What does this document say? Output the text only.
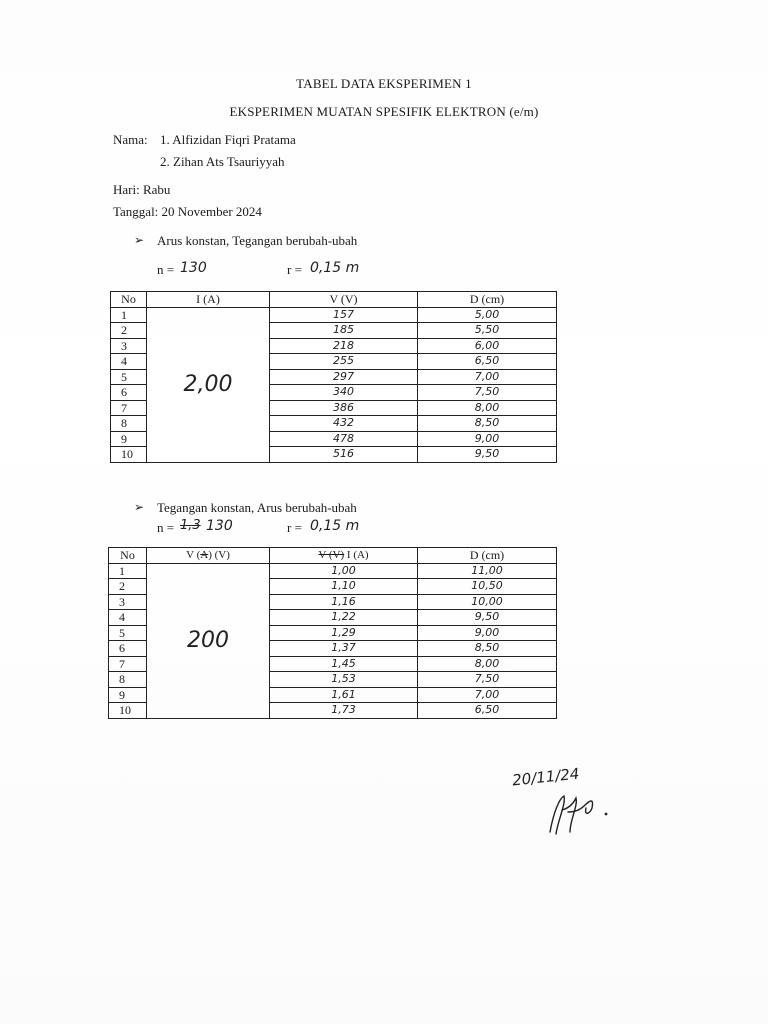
TABEL DATA EKSPERIMEN 1
EKSPERIMEN MUATAN SPESIFIK ELEKTRON (e/m)
Nama: 1. Alfizidan Fiqri Pratama
2. Zihan Ats Tsauriyyah
Hari: Rabu
Tanggal: 20 November 2024
➢ Arus konstan, Tegangan berubah-ubah
n = 130	r = 0,15 m
No	I (A)	V (V)	D (cm)
1	2,00	157	5,00
2		185	5,50
3		218	6,00
4		255	6,50
5		297	7,00
6		340	7,50
7		386	8,00
8		432	8,50
9		478	9,00
10		516	9,50
➢ Tegangan konstan, Arus berubah-ubah
n = 1,3 130	r = 0,15 m
No	V (A) (V)	V (V) I (A)	D (cm)
1	200	1,00	11,00
2		1,10	10,50
3		1,16	10,00
4		1,22	9,50
5		1,29	9,00
6		1,37	8,50
7		1,45	8,00
8		1,53	7,50
9		1,61	7,00
10		1,73	6,50
20/11/24
